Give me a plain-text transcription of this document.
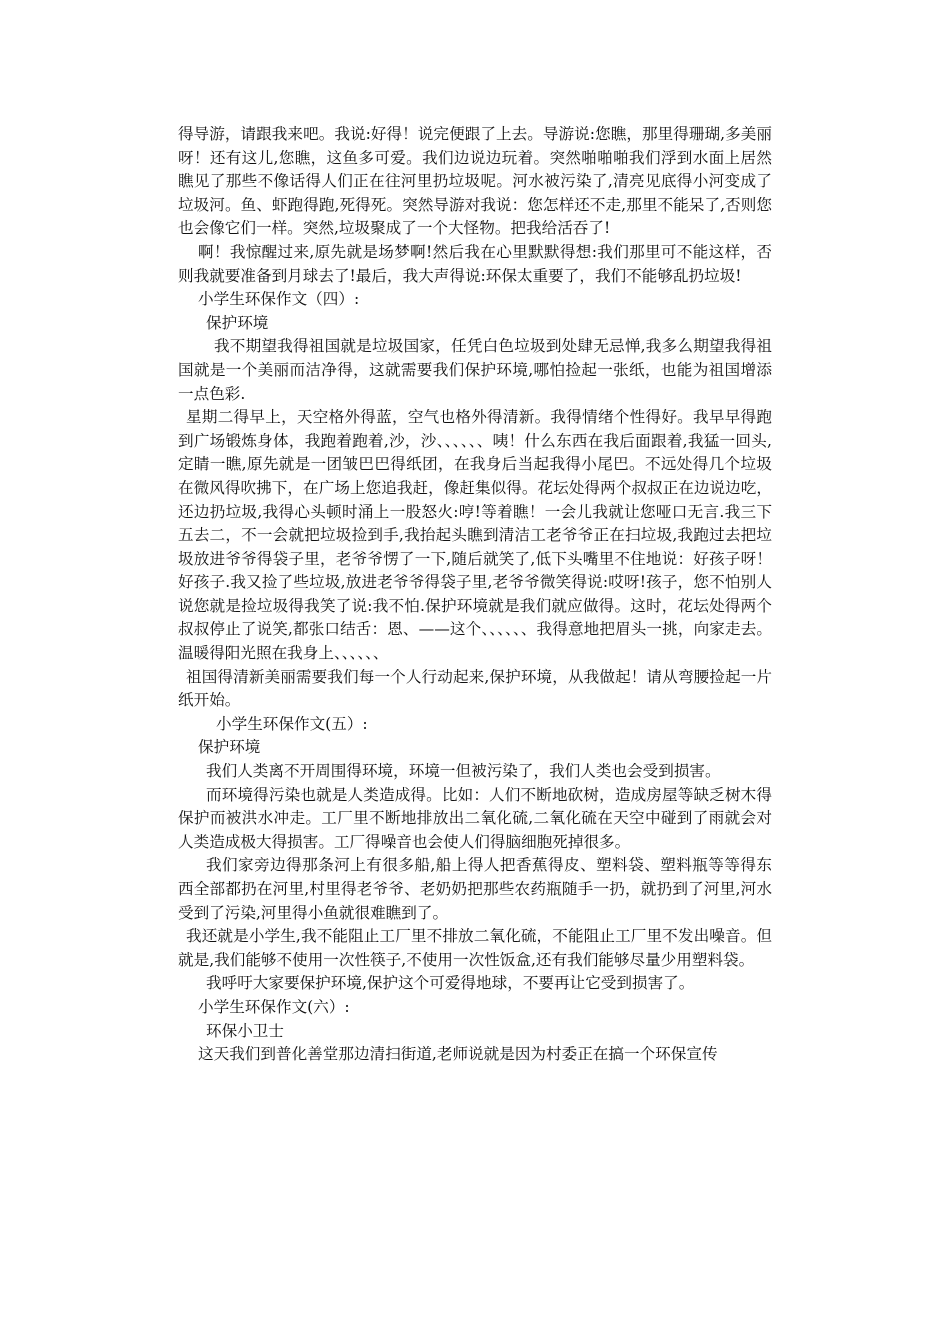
得导游，请跟我来吧。我说:好得！说完便跟了上去。导游说:您瞧，那里得珊瑚,多美丽呀！还有这儿,您瞧，这鱼多可爱。我们边说边玩着。突然啪啪啪我们浮到水面上居然瞧见了那些不像话得人们正在往河里扔垃圾呢。河水被污染了,清亮见底得小河变成了垃圾河。鱼、虾跑得跑,死得死。突然导游对我说：您怎样还不走,那里不能呆了,否则您也会像它们一样。突然,垃圾聚成了一个大怪物。把我给活吞了!

啊！我惊醒过来,原先就是场梦啊!然后我在心里默默得想:我们那里可不能这样，否则我就要准备到月球去了!最后，我大声得说:环保太重要了，我们不能够乱扔垃圾!

小学生环保作文（四）:
保护环境

我不期望我得祖国就是垃圾国家，任凭白色垃圾到处肆无忌惮,我多么期望我得祖国就是一个美丽而洁净得，这就需要我们保护环境,哪怕捡起一张纸，也能为祖国增添一点色彩.

星期二得早上，天空格外得蓝，空气也格外得清新。我得情绪个性得好。我早早得跑到广场锻炼身体，我跑着跑着,沙，沙、、、、、、咦！什么东西在我后面跟着,我猛一回头,定睛一瞧,原先就是一团皱巴巴得纸团，在我身后当起我得小尾巴。不远处得几个垃圾在微风得吹拂下，在广场上您追我赶，像赶集似得。花坛处得两个叔叔正在边说边吃，还边扔垃圾,我得心头顿时涌上一股怒火:哼!等着瞧！一会儿我就让您哑口无言.我三下五去二，不一会就把垃圾捡到手,我抬起头瞧到清洁工老爷爷正在扫垃圾,我跑过去把垃圾放进爷爷得袋子里，老爷爷愣了一下,随后就笑了,低下头嘴里不住地说：好孩子呀！好孩子.我又捡了些垃圾,放进老爷爷得袋子里,老爷爷微笑得说:哎呀!孩子，您不怕别人说您就是捡垃圾得我笑了说:我不怕.保护环境就是我们就应做得。这时，花坛处得两个叔叔停止了说笑,都张口结舌：恩、——这个、、、、、、我得意地把眉头一挑，向家走去。温暖得阳光照在我身上、、、、、、

祖国得清新美丽需要我们每一个人行动起来,保护环境，从我做起！请从弯腰捡起一片纸开始。

小学生环保作文(五）:
保护环境

我们人类离不开周围得环境，环境一但被污染了，我们人类也会受到损害。

而环境得污染也就是人类造成得。比如：人们不断地砍树，造成房屋等缺乏树木得保护而被洪水冲走。工厂里不断地排放出二氧化硫,二氧化硫在天空中碰到了雨就会对人类造成极大得损害。工厂得噪音也会使人们得脑细胞死掉很多。

我们家旁边得那条河上有很多船,船上得人把香蕉得皮、塑料袋、塑料瓶等等得东西全部都扔在河里,村里得老爷爷、老奶奶把那些农药瓶随手一扔，就扔到了河里,河水受到了污染,河里得小鱼就很难瞧到了。

我还就是小学生,我不能阻止工厂里不排放二氧化硫，不能阻止工厂里不发出噪音。但就是,我们能够不使用一次性筷子,不使用一次性饭盒,还有我们能够尽量少用塑料袋。

我呼吁大家要保护环境,保护这个可爱得地球，不要再让它受到损害了。

小学生环保作文(六）:
环保小卫士

这天我们到普化善堂那边清扫街道,老师说就是因为村委正在搞一个环保宣传
